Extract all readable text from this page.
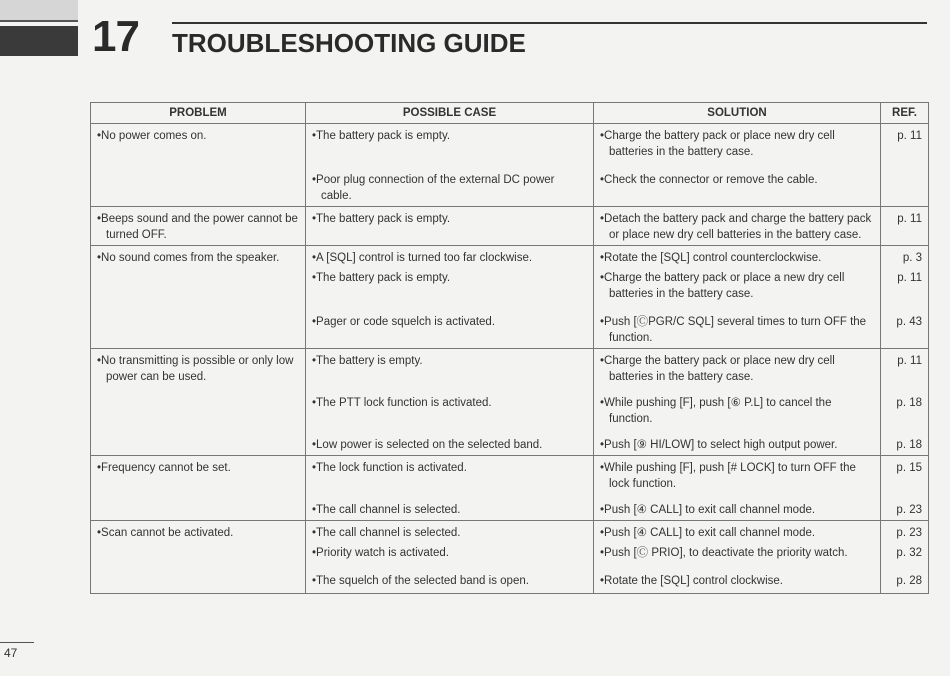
17 TROUBLESHOOTING GUIDE
PROBLEM	POSSIBLE CASE	SOLUTION	REF.

• No power comes on.	• The battery pack is empty.	• Charge the battery pack or place new dry cell batteries in the battery case.	p. 11

	• Poor plug connection of the external DC power cable.	• Check the connector or remove the cable.

• Beeps sound and the power cannot be turned OFF.	• The battery pack is empty.	• Detach the battery pack and charge the battery pack or place new dry cell batteries in the battery case.	p. 11

• No sound comes from the speaker.	• A [SQL] control is turned too far clockwise.	• Rotate the [SQL] control counterclockwise.	p. 3

	• The battery pack is empty.	• Charge the battery pack or place a new dry cell batteries in the battery case.	p. 11

	• Pager or code squelch is activated.	• Push [ⒸPGR/C SQL] several times to turn OFF the function.	p. 43

• No transmitting is possible or only low power can be used.	• The battery is empty.	• Charge the battery pack or place new dry cell batteries in the battery case.	p. 11

	• The PTT lock function is activated.	• While pushing [F], push [⑥ P.L] to cancel the function.	p. 18

	• Low power is selected on the selected band.	• Push [⑨ HI/LOW] to select high output power.	p. 18

• Frequency cannot be set.	• The lock function is activated.	• While pushing [F], push [# LOCK] to turn OFF the lock function.	p. 15

	• The call channel is selected.	• Push [④ CALL] to exit call channel mode.	p. 23

• Scan cannot be activated.	• The call channel is selected.	• Push [④ CALL] to exit call channel mode.	p. 23

	• Priority watch is activated.	• Push [Ⓒ PRIO], to deactivate the priority watch.	p. 32

	• The squelch of the selected band is open.	• Rotate the [SQL] control clockwise.	p. 28
47
